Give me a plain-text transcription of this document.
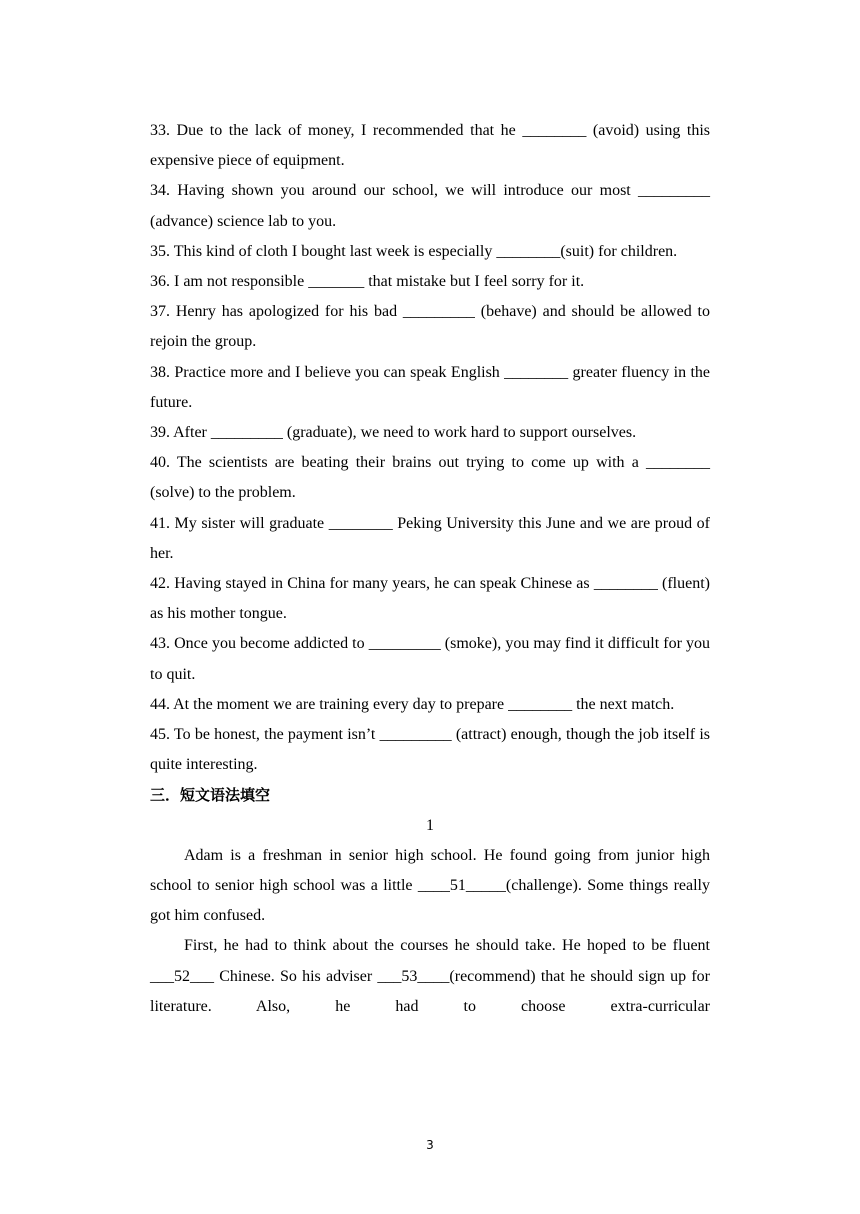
33. Due to the lack of money, I recommended that he ________ (avoid) using this expensive piece of equipment.

34. Having shown you around our school, we will introduce our most _________ (advance) science lab to you.

35. This kind of cloth I bought last week is especially ________(suit) for children.

36. I am not responsible _______ that mistake but I feel sorry for it.

37. Henry has apologized for his bad _________ (behave) and should be allowed to rejoin the group.

38. Practice more and I believe you can speak English ________ greater fluency in the future.

39. After _________ (graduate), we need to work hard to support ourselves.

40. The scientists are beating their brains out trying to come up with a ________ (solve) to the problem.

41. My sister will graduate ________ Peking University this June and we are proud of her.

42. Having stayed in China for many years, he can speak Chinese as ________ (fluent) as his mother tongue.

43. Once you become addicted to _________ (smoke), you may find it difficult for you to quit.

44. At the moment we are training every day to prepare ________ the next match.

45. To be honest, the payment isn’t _________ (attract) enough, though the job itself is quite interesting.

三．短文语法填空

1

Adam is a freshman in senior high school. He found going from junior high school to senior high school was a little ____51_____(challenge). Some things really got him confused.

First, he had to think about the courses he should take. He hoped to be fluent ___52___ Chinese. So his adviser ___53____(recommend) that he should sign up for literature. Also, he had to choose extra-curricular

3
